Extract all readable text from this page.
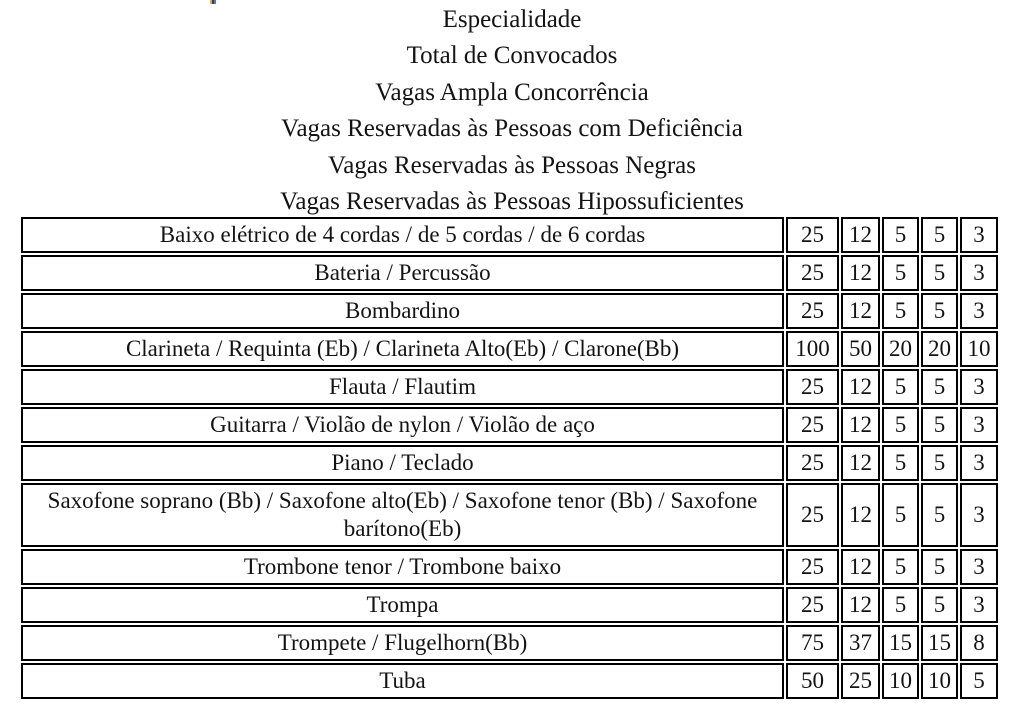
Especialidade
Total de Convocados
Vagas Ampla Concorrência
Vagas Reservadas às Pessoas com Deficiência
Vagas Reservadas às Pessoas Negras
Vagas Reservadas às Pessoas Hipossuficientes
Baixo elétrico de 4 cordas / de 5 cordas / de 6 cordas	25	12	5	5	3
Bateria / Percussão	25	12	5	5	3
Bombardino	25	12	5	5	3
Clarineta / Requinta (Eb) / Clarineta Alto(Eb) / Clarone(Bb)	100	50	20	20	10
Flauta / Flautim	25	12	5	5	3
Guitarra / Violão de nylon / Violão de aço	25	12	5	5	3
Piano / Teclado	25	12	5	5	3
Saxofone soprano (Bb) / Saxofone alto(Eb) / Saxofone tenor (Bb) / Saxofone barítono(Eb)	25	12	5	5	3
Trombone tenor / Trombone baixo	25	12	5	5	3
Trompa	25	12	5	5	3
Trompete / Flugelhorn(Bb)	75	37	15	15	8
Tuba	50	25	10	10	5
